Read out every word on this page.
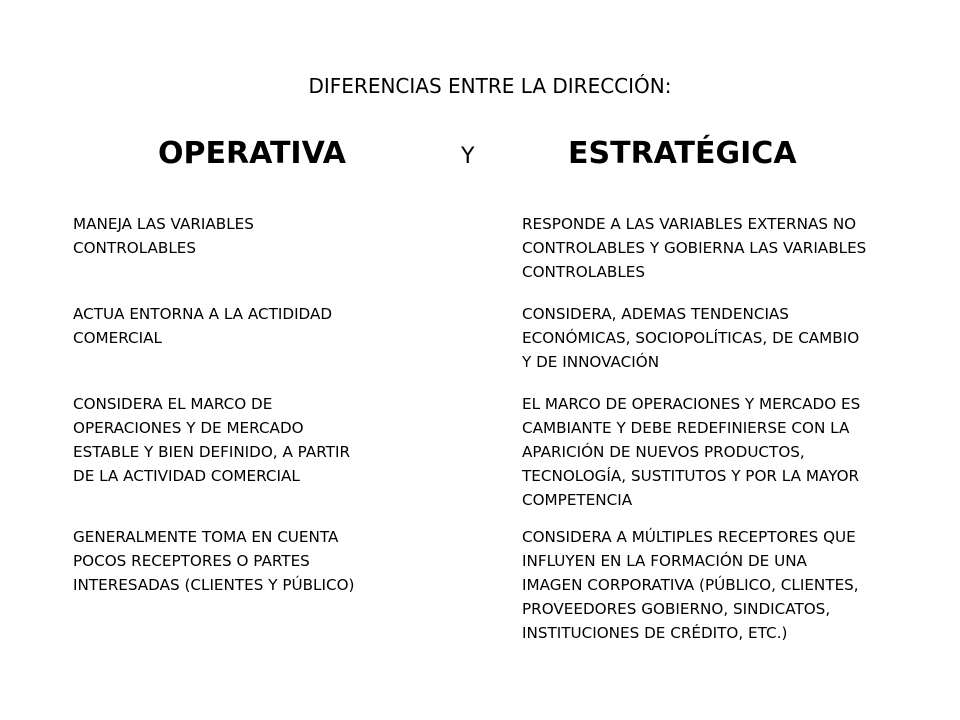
DIFERENCIAS ENTRE LA DIRECCIÓN:
OPERATIVA	Y	ESTRATÉGICA
MANEJA LAS VARIABLES
CONTROLABLES
RESPONDE A LAS VARIABLES EXTERNAS NO
CONTROLABLES Y GOBIERNA LAS VARIABLES
CONTROLABLES
ACTUA ENTORNA A LA ACTIDIDAD
COMERCIAL
CONSIDERA, ADEMAS TENDENCIAS
ECONÓMICAS, SOCIOPOLÍTICAS, DE CAMBIO
Y DE INNOVACIÓN
CONSIDERA EL MARCO DE
OPERACIONES Y DE MERCADO
ESTABLE Y BIEN DEFINIDO, A PARTIR
DE LA ACTIVIDAD COMERCIAL
EL MARCO DE OPERACIONES Y MERCADO ES
CAMBIANTE Y DEBE REDEFINIERSE CON LA
APARICIÓN DE NUEVOS PRODUCTOS,
TECNOLOGÍA, SUSTITUTOS Y POR LA MAYOR
COMPETENCIA
GENERALMENTE TOMA EN CUENTA
POCOS RECEPTORES O PARTES
INTERESADAS (CLIENTES Y PÚBLICO)
CONSIDERA A MÚLTIPLES RECEPTORES QUE
INFLUYEN EN LA FORMACIÓN DE UNA
IMAGEN CORPORATIVA (PÚBLICO, CLIENTES,
PROVEEDORES GOBIERNO, SINDICATOS,
INSTITUCIONES DE CRÉDITO, ETC.)
